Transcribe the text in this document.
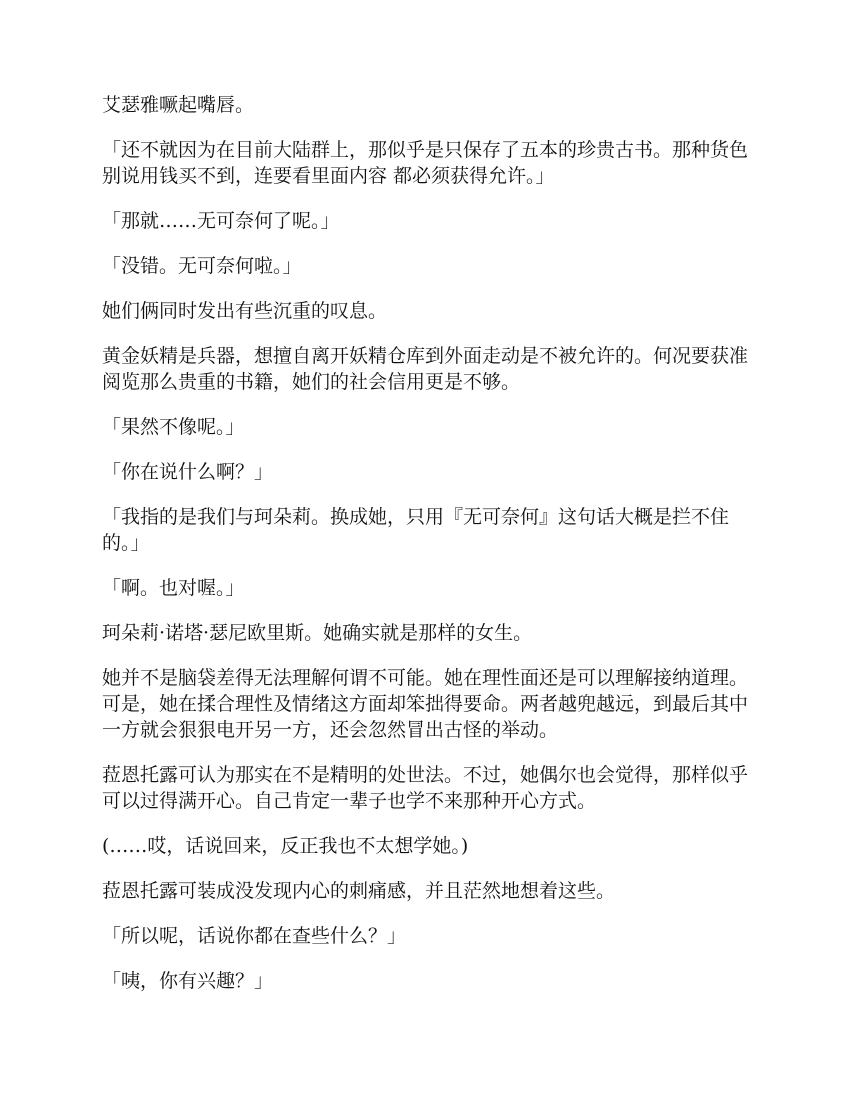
艾瑟雅噘起嘴唇。

「还不就因为在目前大陆群上，那似乎是只保存了五本的珍贵古书。那种货色别说用钱买不到，连要看里面内容 都必须获得允许。」

「那就……无可奈何了呢。」

「没错。无可奈何啦。」

她们俩同时发出有些沉重的叹息。

黄金妖精是兵器，想擅自离开妖精仓库到外面走动是不被允许的。何况要获准阅览那么贵重的书籍，她们的社会信用更是不够。

「果然不像呢。」

「你在说什么啊？」

「我指的是我们与珂朵莉。换成她，只用『无可奈何』这句话大概是拦不住的。」

「啊。也对喔。」

珂朵莉·诺塔·瑟尼欧里斯。她确实就是那样的女生。

她并不是脑袋差得无法理解何谓不可能。她在理性面还是可以理解接纳道理。可是，她在揉合理性及情绪这方面却笨拙得要命。两者越兜越远，到最后其中一方就会狠狠电开另一方，还会忽然冒出古怪的举动。

菈恩托露可认为那实在不是精明的处世法。不过，她偶尔也会觉得，那样似乎可以过得满开心。自己肯定一辈子也学不来那种开心方式。

(……哎，话说回来，反正我也不太想学她。)

菈恩托露可装成没发现内心的刺痛感，并且茫然地想着这些。

「所以呢，话说你都在查些什么？」

「咦，你有兴趣？」
